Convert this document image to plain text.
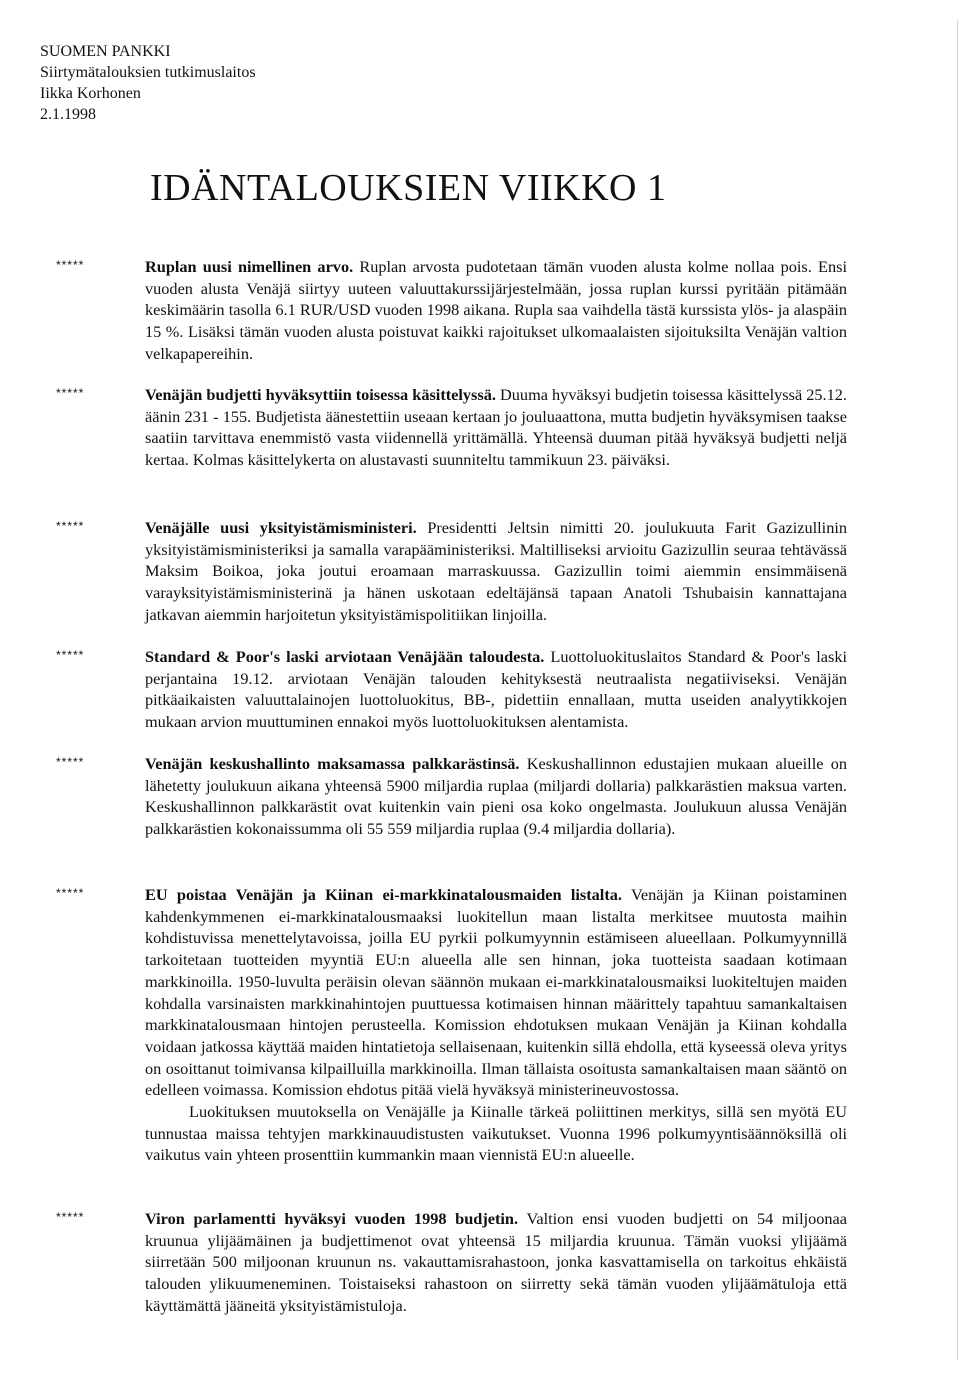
SUOMEN PANKKI
Siirtymätalouksien tutkimuslaitos
Iikka Korhonen
2.1.1998
IDÄNTALOUKSIEN VIIKKO 1
*****	Ruplan uusi nimellinen arvo. Ruplan arvosta pudotetaan tämän vuoden alusta kolme nollaa pois. Ensi vuoden alusta Venäjä siirtyy uuteen valuuttakurssijärjestelmään, jossa ruplan kurssi pyritään pitämään keskimäärin tasolla 6.1 RUR/USD vuoden 1998 aikana. Rupla saa vaihdella tästä kurssista ylös- ja alaspäin 15 %. Lisäksi tämän vuoden alusta poistuvat kaikki rajoitukset ulkomaalaisten sijoituksilta Venäjän valtion velkapapereihin.

*****	Venäjän budjetti hyväksyttiin toisessa käsittelyssä. Duuma hyväksyi budjetin toisessa käsittelyssä 25.12. äänin 231 - 155. Budjetista äänestettiin useaan kertaan jo jouluaattona, mutta budjetin hyväksymisen taakse saatiin tarvittava enemmistö vasta viidennellä yrittämällä. Yhteensä duuman pitää hyväksyä budjetti neljä kertaa. Kolmas käsittelykerta on alustavasti suunniteltu tammikuun 23. päiväksi.

*****	Venäjälle uusi yksityistämisministeri. Presidentti Jeltsin nimitti 20. joulukuuta Farit Gazizullinin yksityistämisministeriksi ja samalla varapääministeriksi. Maltilliseksi arvioitu Gazizullin seuraa tehtävässä Maksim Boikoa, joka joutui eroamaan marraskuussa. Gazizullin toimi aiemmin ensimmäisenä varayksityistämisministerinä ja hänen uskotaan edeltäjänsä tapaan Anatoli Tshubaisin kannattajana jatkavan aiemmin harjoitetun yksityistämispolitiikan linjoilla.

*****	Standard & Poor's laski arviotaan Venäjään taloudesta. Luottoluokituslaitos Standard & Poor's laski perjantaina 19.12. arviotaan Venäjän talouden kehityksestä neutraalista negatiiviseksi. Venäjän pitkäaikaisten valuuttalainojen luottoluokitus, BB-, pidettiin ennallaan, mutta useiden analyytikkojen mukaan arvion muuttuminen ennakoi myös luottoluokituksen alentamista.

*****	Venäjän keskushallinto maksamassa palkkarästinsä. Keskushallinnon edustajien mukaan alueille on lähetetty joulukuun aikana yhteensä 5900 miljardia ruplaa (miljardi dollaria) palkkarästien maksua varten. Keskushallinnon palkkarästit ovat kuitenkin vain pieni osa koko ongelmasta. Joulukuun alussa Venäjän palkkarästien kokonaissumma oli 55 559 miljardia ruplaa (9.4 miljardia dollaria).

*****	EU poistaa Venäjän ja Kiinan ei-markkinatalousmaiden listalta. Venäjän ja Kiinan poistaminen kahdenkymmenen ei-markkinatalousmaaksi luokitellun maan listalta merkitsee muutosta maihin kohdistuvissa menettelytavoissa, joilla EU pyrkii polkumyynnin estämiseen alueellaan. Polkumyynnillä tarkoitetaan tuotteiden myyntiä EU:n alueella alle sen hinnan, joka tuotteista saadaan kotimaan markkinoilla. 1950-luvulta peräisin olevan säännön mukaan ei-markkinatalousmaiksi luokiteltujen maiden kohdalla varsinaisten markkinahintojen puuttuessa kotimaisen hinnan määrittely tapahtuu samankaltaisen markkinatalousmaan hintojen perusteella. Komission ehdotuksen mukaan Venäjän ja Kiinan kohdalla voidaan jatkossa käyttää maiden hintatietoja sellaisenaan, kuitenkin sillä ehdolla, että kyseessä oleva yritys on osoittanut toimivansa kilpailluilla markkinoilla. Ilman tällaista osoitusta samankaltaisen maan sääntö on edelleen voimassa. Komission ehdotus pitää vielä hyväksyä ministerineuvostossa.

Luokituksen muutoksella on Venäjälle ja Kiinalle tärkeä poliittinen merkitys, sillä sen myötä EU tunnustaa maissa tehtyjen markkinauudistusten vaikutukset. Vuonna 1996 polkumyyntisäännöksillä oli vaikutus vain yhteen prosenttiin kummankin maan viennistä EU:n alueelle.

*****	Viron parlamentti hyväksyi vuoden 1998 budjetin. Valtion ensi vuoden budjetti on 54 miljoonaa kruunua ylijäämäinen ja budjettimenot ovat yhteensä 15 miljardia kruunua. Tämän vuoksi ylijäämä siirretään 500 miljoonan kruunun ns. vakauttamisrahastoon, jonka kasvattamisella on tarkoitus ehkäistä talouden ylikuumeneminen. Toistaiseksi rahastoon on siirretty sekä tämän vuoden ylijäämätuloja että käyttämättä jääneitä yksityistämistuloja.
